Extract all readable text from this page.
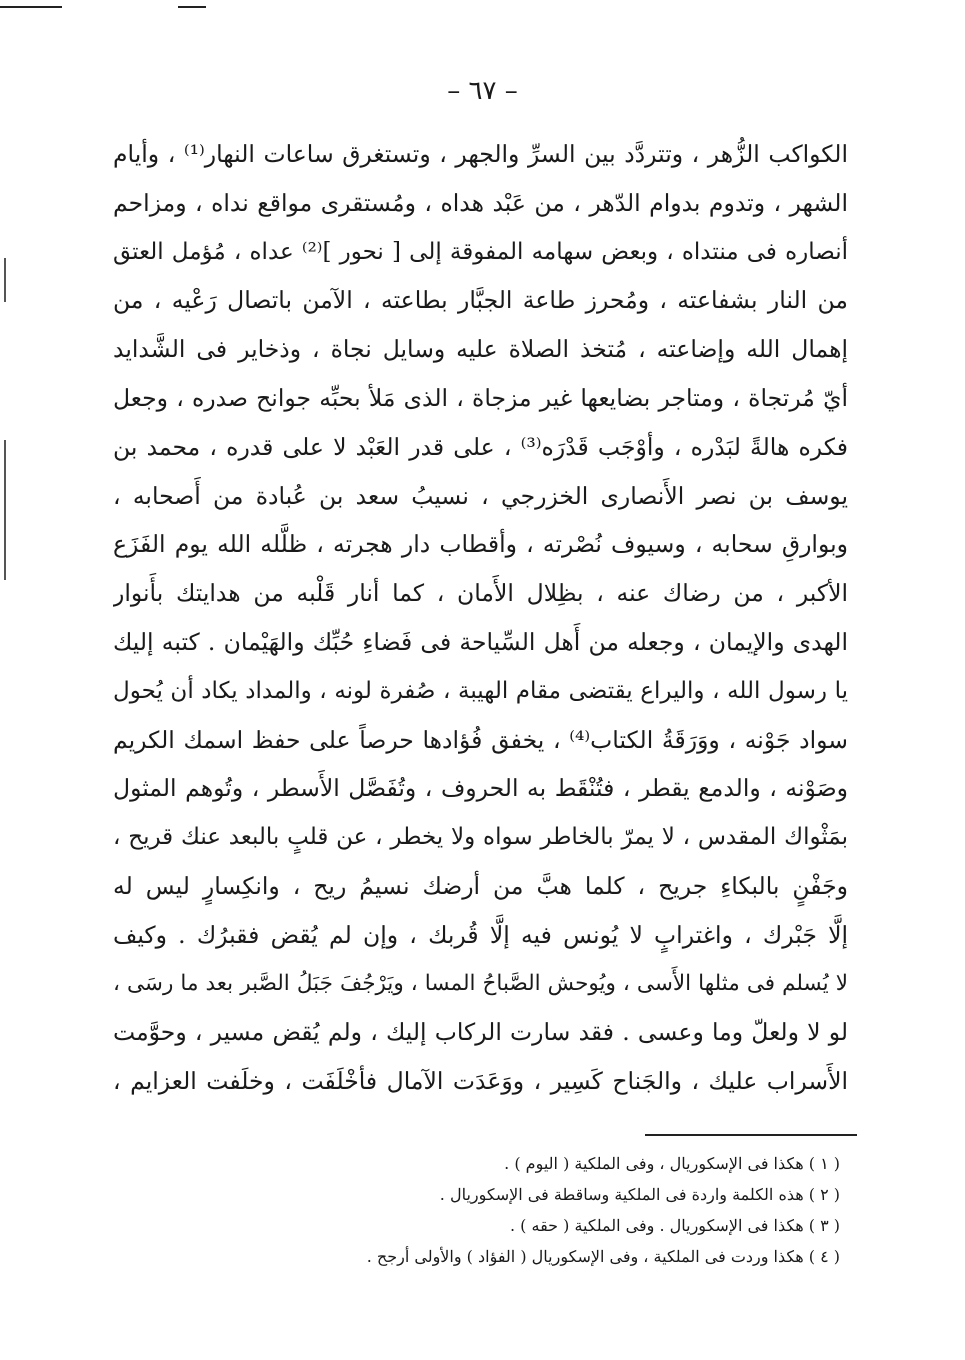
– ٦٧ –
الكواكب الزُّهر ، وتتردَّد بين السرِّ والجهر ، وتستغرق ساعات النهار⁽¹⁾ ، وأيام
الشهر ، وتدوم بدوام الدّهر ، من عَبْد هداه ، ومُستقرى مواقع نداه ، ومزاحم
أنصاره فى منتداه ، وبعض سهامه المفوقة إلى [ نحور ]⁽²⁾ عداه ، مُؤمل العتق
من النار بشفاعته ، ومُحرز طاعة الجبَّار بطاعته ، الآمن باتصال رَعْيه ، من
إهمال الله وإضاعته ، مُتخذ الصلاة عليه وسايل نجاة ، وذخاير فى الشَّدايد
أيّ مُرتجاة ، ومتاجر بضايعها غير مزجاة ، الذى مَلأ بحبِّه جوانح صدره ، وجعل
فكره هالةً لبَدْره ، وأوْجَب قَدْرَه⁽³⁾ ، على قدر العَبْد لا على قدره ، محمد بن
يوسف بن نصر الأَنصارى الخزرجي ، نسيبُ سعد بن عُبادة من أَصحابه ،
وبوارقِ سحابه ، وسيوف نُصْرته ، وأقطاب دار هجرته ، ظلَّله الله يوم الفَزَع
الأكبر ، من رضاك عنه ، بظِلال الأَمان ، كما أنار قَلْبه من هدايتك بأَنوار
الهدى والإيمان ، وجعله من أَهل السِّياحة فى فَضاءِ حُبِّك والهَيْمان . كتبه إليك
يا رسول الله ، واليراع يقتضى مقام الهيبة ، صُفرة لونه ، والمداد يكاد أن يُحول
سواد جَوْنه ، ووَرَقَةُ الكتاب⁽⁴⁾ ، يخفق فُؤادها حرصاً على حفظ اسمك الكريم
وصَوْنه ، والدمع يقطر ، فتُنْقَط به الحروف ، وتُفَصَّل الأَسطر ، وتُوهم المثول
بمَثْواك المقدس ، لا يمرّ بالخاطر سواه ولا يخطر ، عن قلبٍ بالبعد عنك قريح ،
وجَفْنٍ بالبكاءِ جريح ، كلما هبَّ من أرضك نسيمُ ريح ، وانكِسارٍ ليس له
إلَّا جَبْرك ، واغترابٍ لا يُونس فيه إلَّا قُربك ، وإن لم يُقض فقبرُك . وكيف
لا يُسلم فى مثلها الأَسى ، ويُوحش الصَّباحُ المسا ، ويَرْجُفَ جَبَلُ الصَّبر بعد ما رسَى ،
لو لا ولعلّ وما وعسى . فقد سارت الركاب إليك ، ولم يُقض مسير ، وحوَّمت
الأَسراب عليك ، والجَناح كَسِير ، ووَعَدَت الآمال فأخْلَفَت ، وخلَفت العزايم ،
( ١ ) هكذا فى الإسكوريال ، وفى الملكية ( اليوم ) .
( ٢ ) هذه الكلمة واردة فى الملكية وساقطة فى الإسكوريال .
( ٣ ) هكذا فى الإسكوريال . وفى الملكية ( حقه ) .
( ٤ ) هكذا وردت فى الملكية ، وفى الإسكوريال ( الفؤاد ) والأولى أرجح .
